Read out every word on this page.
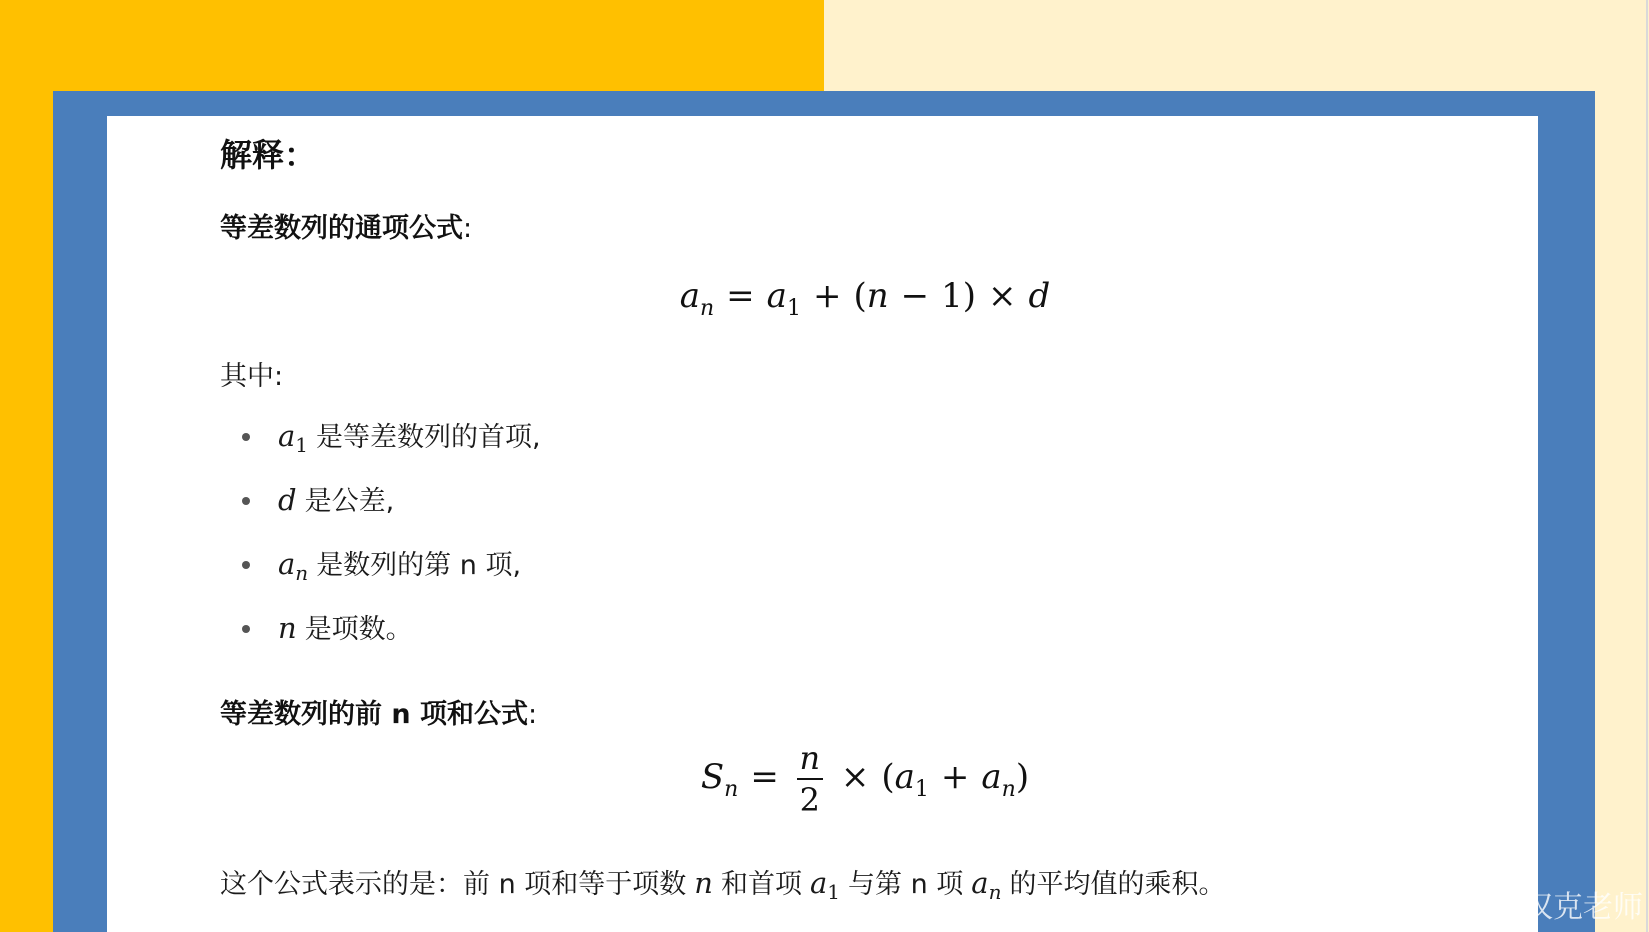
解释：

等差数列的通项公式:

$a_n = a_1 + (n - 1) \times d$

其中:

$a_1$ 是等差数列的首项,
d 是公差,
$a_n$ 是数列的第 n 项,
n 是项数。

等差数列的前 n 项和公式:

$S_n = \frac{n}{2} \times (a_1 + a_n)$

这个公式表示的是：前 n 项和等于项数 n 和首项 $a_1$ 与第 n 项 $a_n$ 的平均值的乘积。

CSDN @汉克老师
